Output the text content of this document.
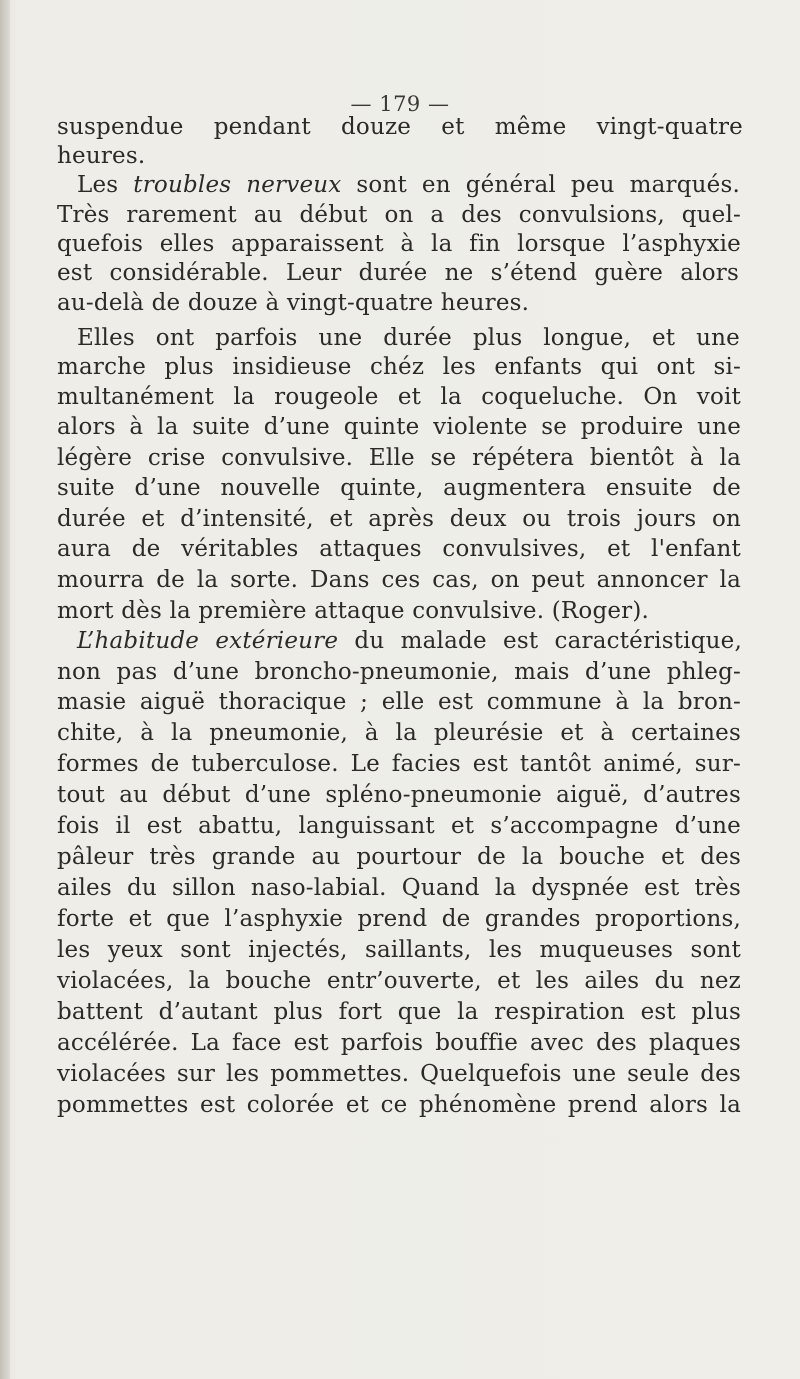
— 179 —
suspendue pendant douze et même vingt-quatre
heures.
Les troubles nerveux sont en général peu marqués.
Très rarement au début on a des convulsions, quel-
quefois elles apparaissent à la fin lorsque l’asphyxie
est considérable. Leur durée ne s’étend guère alors
au-delà de douze à vingt-quatre heures.
Elles ont parfois une durée plus longue, et une
marche plus insidieuse chéz les enfants qui ont si-
multanément la rougeole et la coqueluche. On voit
alors à la suite d’une quinte violente se produire une
légère crise convulsive. Elle se répétera bientôt à la
suite d’une nouvelle quinte, augmentera ensuite de
durée et d’intensité, et après deux ou trois jours on
aura de véritables attaques convulsives, et l'enfant
mourra de la sorte. Dans ces cas, on peut annoncer la
mort dès la première attaque convulsive. (Roger).
L’habitude extérieure du malade est caractéristique,
non pas d’une broncho-pneumonie, mais d’une phleg-
masie aiguë thoracique ; elle est commune à la bron-
chite, à la pneumonie, à la pleurésie et à certaines
formes de tuberculose. Le facies est tantôt animé, sur-
tout au début d’une spléno-pneumonie aiguë, d’autres
fois il est abattu, languissant et s’accompagne d’une
pâleur très grande au pourtour de la bouche et des
ailes du sillon naso-labial. Quand la dyspnée est très
forte et que l’asphyxie prend de grandes proportions,
les yeux sont injectés, saillants, les muqueuses sont
violacées, la bouche entr’ouverte, et les ailes du nez
battent d’autant plus fort que la respiration est plus
accélérée. La face est parfois bouffie avec des plaques
violacées sur les pommettes. Quelquefois une seule des
pommettes est colorée et ce phénomène prend alors la
